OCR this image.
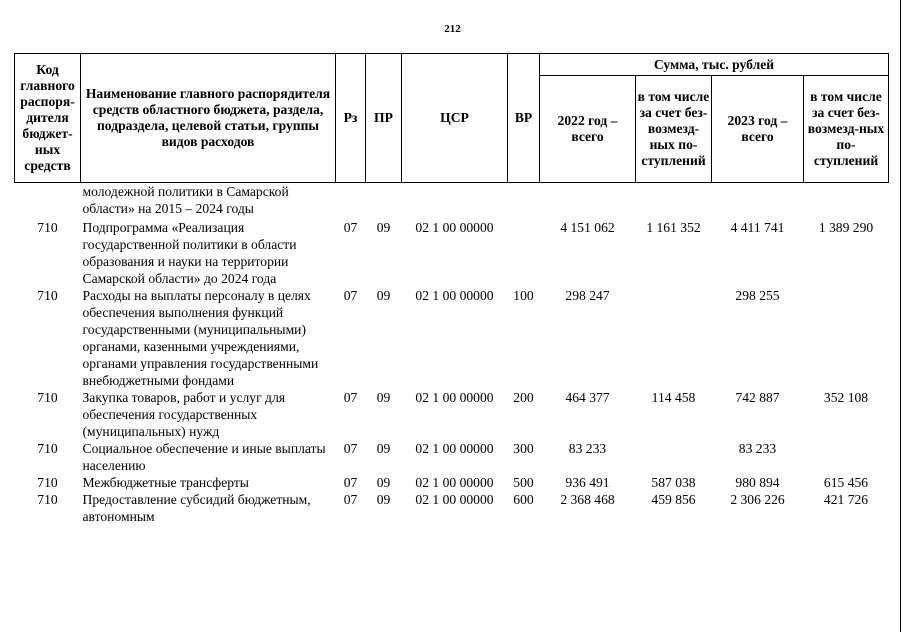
212
Код главного распоря-дителя бюджет-ных средств	Наименование главного распорядителя средств областного бюджета, раздела, подраздела, целевой статьи, группы видов расходов	Рз	ПР	ЦСР	ВР	Сумма, тыс. рублей			
						2022 год – всего	в том числе за счет без-возмезд-ных по-ступлений	2023 год – всего	в том числе за счет без-возмезд-ных по-ступлений
	молодежной политики в Самарской области» на 2015 – 2024 годы								
710	Подпрограмма «Реализация государственной политики в области образования и науки на территории Самарской области» до 2024 года	07	09	02 1 00 00000		4 151 062	1 161 352	4 411 741	1 389 290
710	Расходы на выплаты персоналу в целях обеспечения выполнения функций государственными (муниципальными) органами, казенными учреждениями, органами управления государственными внебюджетными фондами	07	09	02 1 00 00000	100	298 247		298 255	
710	Закупка товаров, работ и услуг для обеспечения государственных (муниципальных) нужд	07	09	02 1 00 00000	200	464 377	114 458	742 887	352 108
710	Социальное обеспечение и иные выплаты населению	07	09	02 1 00 00000	300	83 233		83 233	
710	Межбюджетные трансферты	07	09	02 1 00 00000	500	936 491	587 038	980 894	615 456
710	Предоставление субсидий бюджетным, автономным	07	09	02 1 00 00000	600	2 368 468	459 856	2 306 226	421 726
